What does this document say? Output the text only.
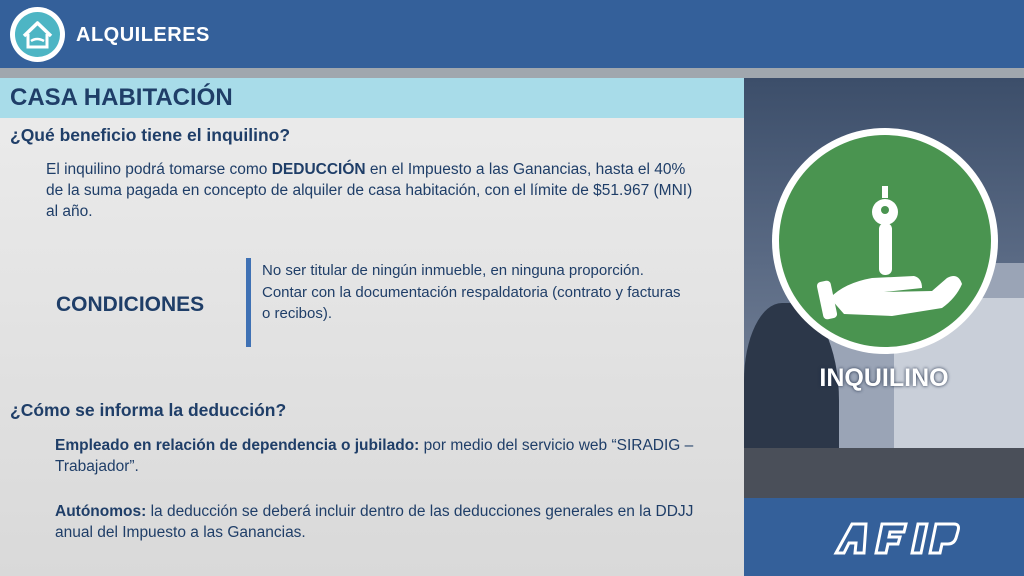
ALQUILERES
CASA HABITACIÓN
¿Qué beneficio tiene el inquilino?
El inquilino podrá tomarse como DEDUCCIÓN en el Impuesto a las Ganancias, hasta el 40% de la suma pagada en concepto de alquiler de casa habitación, con el límite de $51.967 (MNI) al año.
CONDICIONES
No ser titular de ningún inmueble, en ninguna proporción.
Contar con la documentación respaldatoria (contrato y facturas o recibos).
¿Cómo se informa la deducción?
Empleado en relación de dependencia o jubilado: por medio del servicio web “SIRADIG – Trabajador”.
Autónomos: la deducción se deberá incluir dentro de las deducciones generales en la DDJJ anual del Impuesto a las Ganancias.
INQUILINO
